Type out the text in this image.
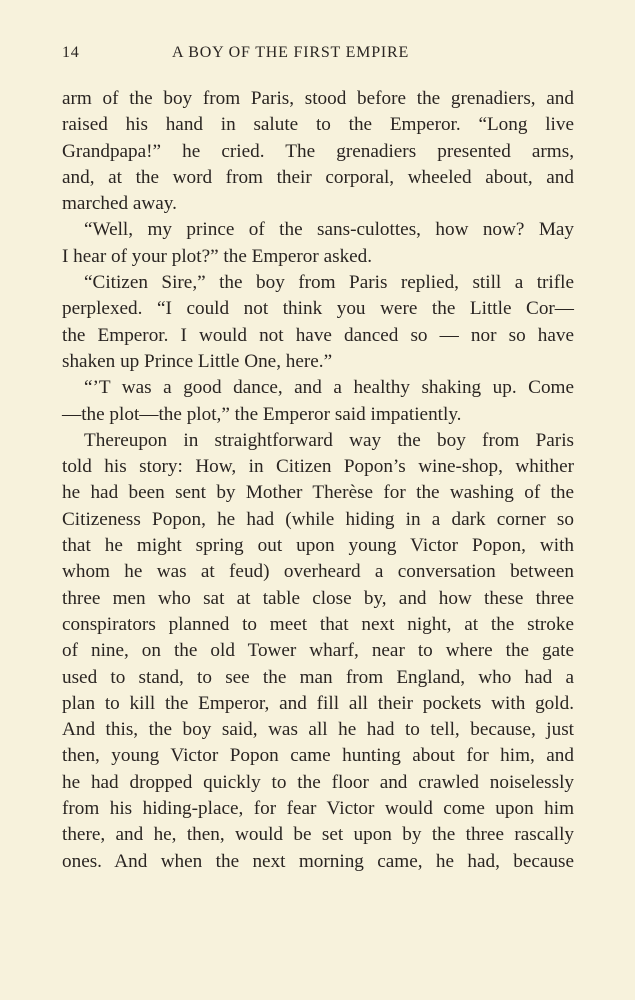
14	A BOY OF THE FIRST EMPIRE
arm of the boy from Paris, stood before the grenadiers, and
raised his hand in salute to the Emperor. “Long live
Grandpapa!” he cried. The grenadiers presented arms,
and, at the word from their corporal, wheeled about, and
marched away.
“Well, my prince of the sans-culottes, how now? May
I hear of your plot?” the Emperor asked.
“Citizen Sire,” the boy from Paris replied, still a trifle
perplexed. “I could not think you were the Little Cor—
the Emperor. I would not have danced so — nor so have
shaken up Prince Little One, here.”
“’T was a good dance, and a healthy shaking up. Come
—the plot—the plot,” the Emperor said impatiently.
Thereupon in straightforward way the boy from Paris
told his story: How, in Citizen Popon’s wine-shop, whither
he had been sent by Mother Therèse for the washing of the
Citizeness Popon, he had (while hiding in a dark corner so
that he might spring out upon young Victor Popon, with
whom he was at feud) overheard a conversation between
three men who sat at table close by, and how these three
conspirators planned to meet that next night, at the stroke
of nine, on the old Tower wharf, near to where the gate
used to stand, to see the man from England, who had a
plan to kill the Emperor, and fill all their pockets with gold.
And this, the boy said, was all he had to tell, because, just
then, young Victor Popon came hunting about for him, and
he had dropped quickly to the floor and crawled noiselessly
from his hiding-place, for fear Victor would come upon him
there, and he, then, would be set upon by the three rascally
ones. And when the next morning came, he had, because
